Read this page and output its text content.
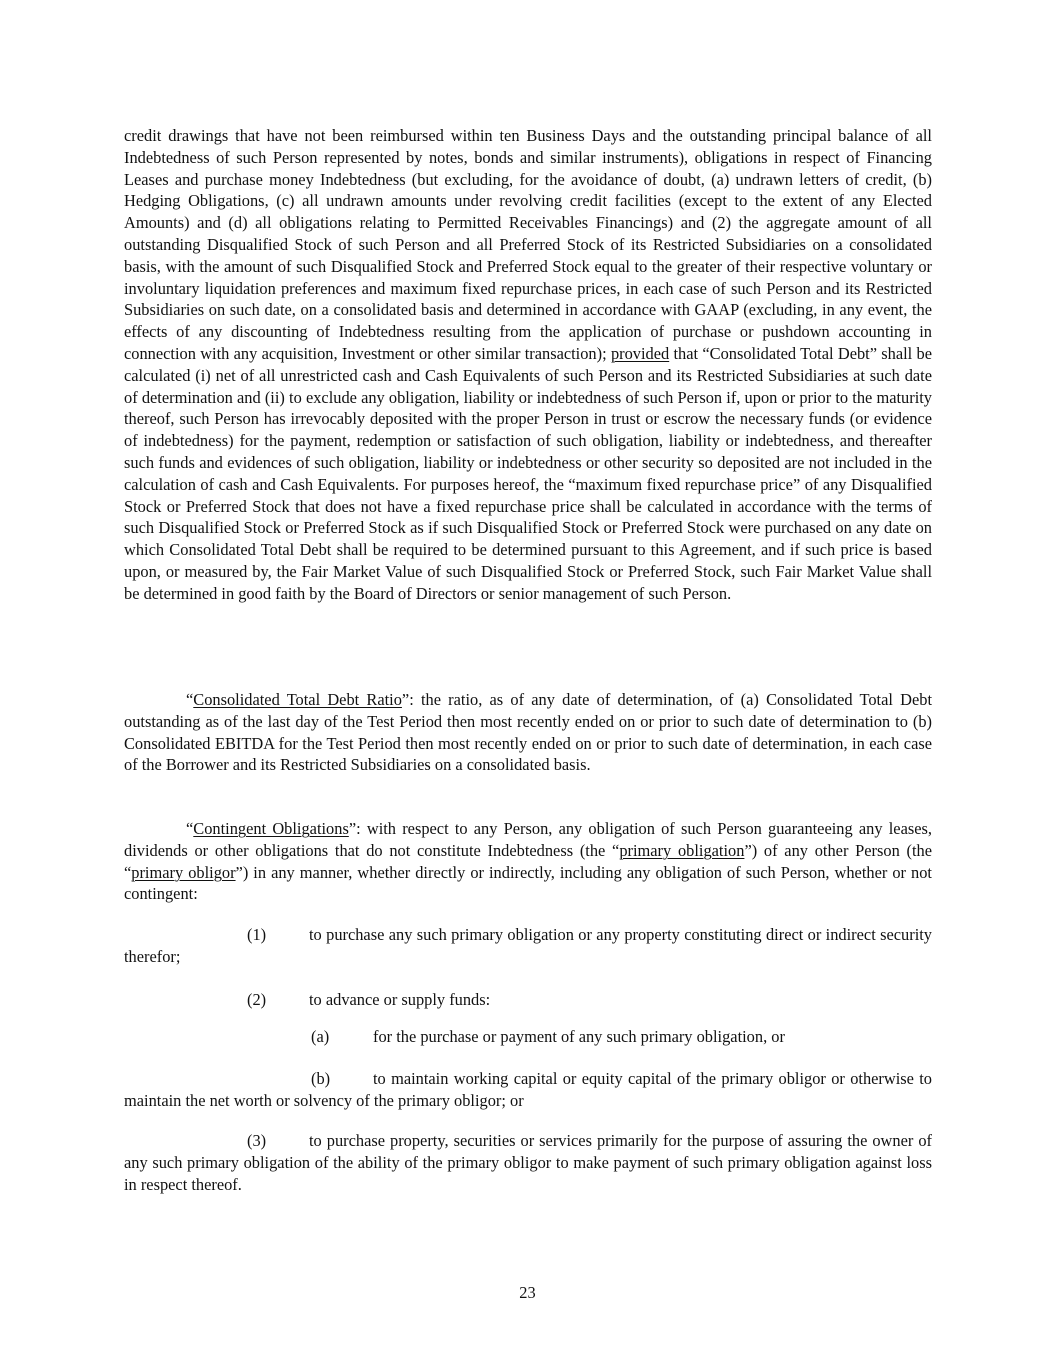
credit drawings that have not been reimbursed within ten Business Days and the outstanding principal balance of all Indebtedness of such Person represented by notes, bonds and similar instruments), obligations in respect of Financing Leases and purchase money Indebtedness (but excluding, for the avoidance of doubt, (a) undrawn letters of credit, (b) Hedging Obligations, (c) all undrawn amounts under revolving credit facilities (except to the extent of any Elected Amounts) and (d) all obligations relating to Permitted Receivables Financings) and (2) the aggregate amount of all outstanding Disqualified Stock of such Person and all Preferred Stock of its Restricted Subsidiaries on a consolidated basis, with the amount of such Disqualified Stock and Preferred Stock equal to the greater of their respective voluntary or involuntary liquidation preferences and maximum fixed repurchase prices, in each case of such Person and its Restricted Subsidiaries on such date, on a consolidated basis and determined in accordance with GAAP (excluding, in any event, the effects of any discounting of Indebtedness resulting from the application of purchase or pushdown accounting in connection with any acquisition, Investment or other similar transaction); provided that “Consolidated Total Debt” shall be calculated (i) net of all unrestricted cash and Cash Equivalents of such Person and its Restricted Subsidiaries at such date of determination and (ii) to exclude any obligation, liability or indebtedness of such Person if, upon or prior to the maturity thereof, such Person has irrevocably deposited with the proper Person in trust or escrow the necessary funds (or evidence of indebtedness) for the payment, redemption or satisfaction of such obligation, liability or indebtedness, and thereafter such funds and evidences of such obligation, liability or indebtedness or other security so deposited are not included in the calculation of cash and Cash Equivalents. For purposes hereof, the “maximum fixed repurchase price” of any Disqualified Stock or Preferred Stock that does not have a fixed repurchase price shall be calculated in accordance with the terms of such Disqualified Stock or Preferred Stock as if such Disqualified Stock or Preferred Stock were purchased on any date on which Consolidated Total Debt shall be required to be determined pursuant to this Agreement, and if such price is based upon, or measured by, the Fair Market Value of such Disqualified Stock or Preferred Stock, such Fair Market Value shall be determined in good faith by the Board of Directors or senior management of such Person.

“Consolidated Total Debt Ratio”: the ratio, as of any date of determination, of (a) Consolidated Total Debt outstanding as of the last day of the Test Period then most recently ended on or prior to such date of determination to (b) Consolidated EBITDA for the Test Period then most recently ended on or prior to such date of determination, in each case of the Borrower and its Restricted Subsidiaries on a consolidated basis.

“Contingent Obligations”: with respect to any Person, any obligation of such Person guaranteeing any leases, dividends or other obligations that do not constitute Indebtedness (the “primary obligation”) of any other Person (the “primary obligor”) in any manner, whether directly or indirectly, including any obligation of such Person, whether or not contingent:

(1)	to purchase any such primary obligation or any property constituting direct or indirect security therefor;

(2)	to advance or supply funds:

(a)	for the purchase or payment of any such primary obligation, or

(b)	to maintain working capital or equity capital of the primary obligor or otherwise to maintain the net worth or solvency of the primary obligor; or

(3)	to purchase property, securities or services primarily for the purpose of assuring the owner of any such primary obligation of the ability of the primary obligor to make payment of such primary obligation against loss in respect thereof.

23
